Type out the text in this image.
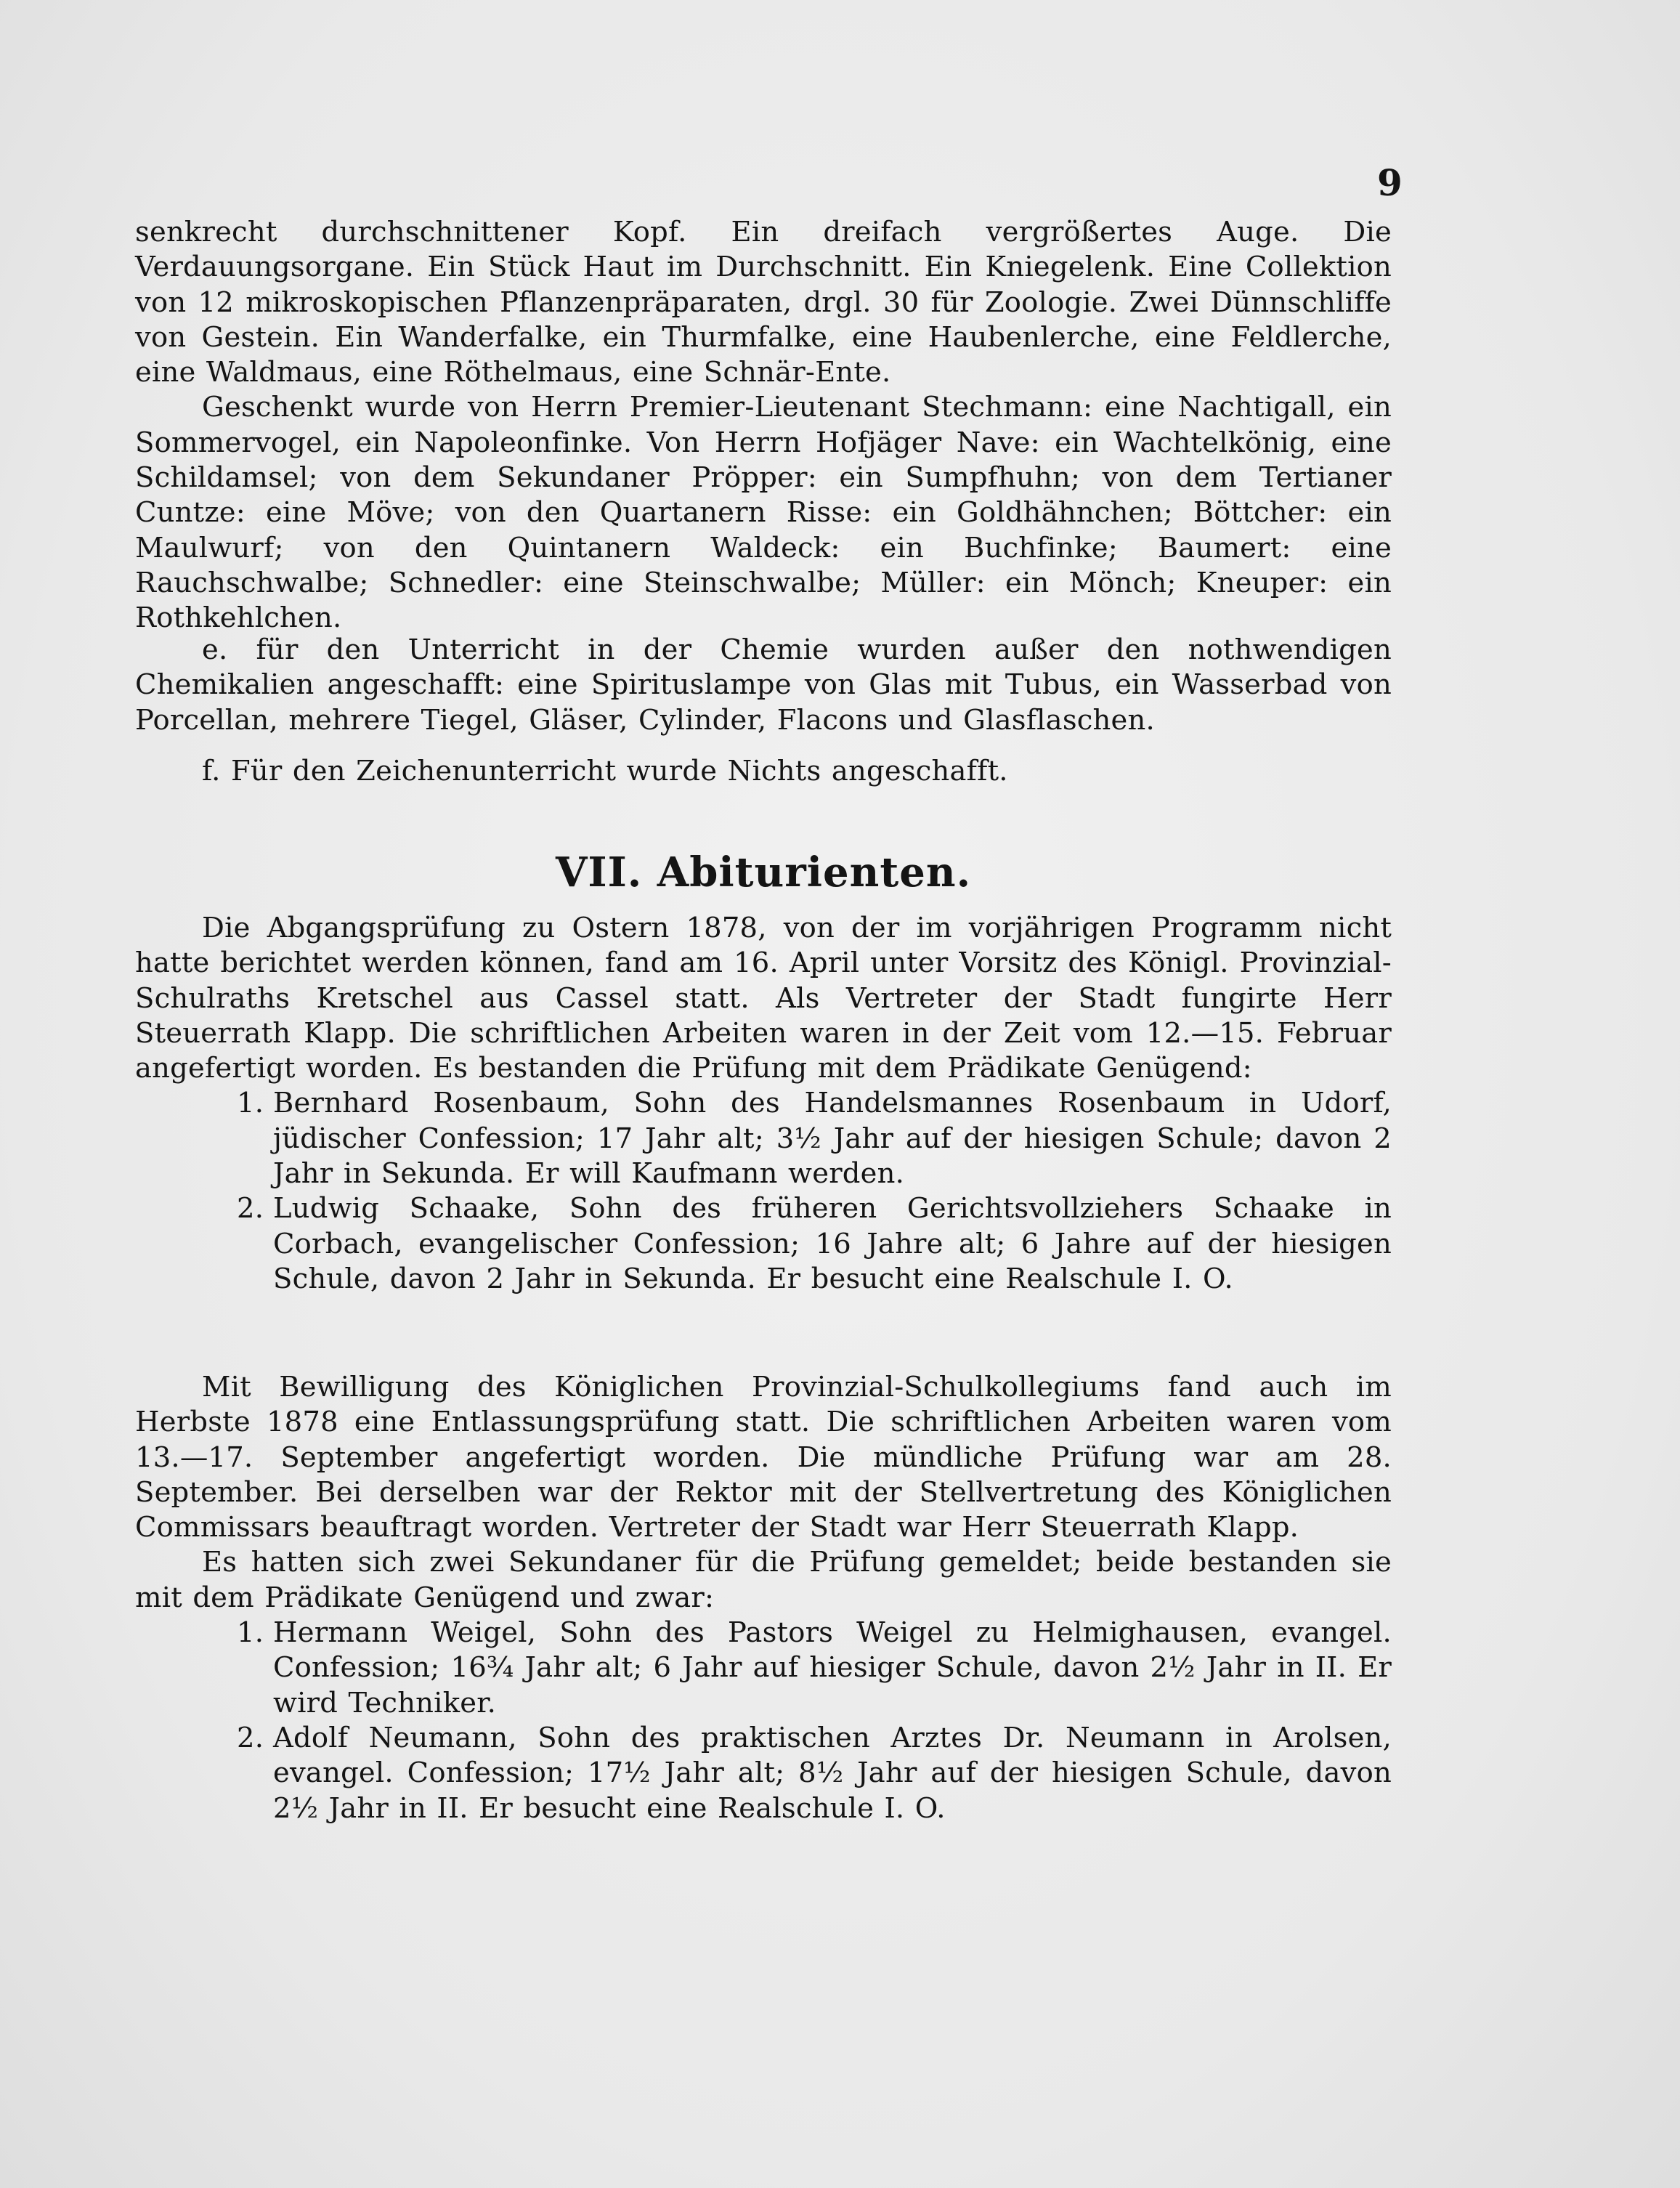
9

senkrecht durchschnittener Kopf. Ein dreifach vergrößertes Auge. Die Verdauungsorgane. Ein Stück Haut im Durchschnitt. Ein Kniegelenk. Eine Collektion von 12 mikroskopischen Pflanzenpräparaten, drgl. 30 für Zoologie. Zwei Dünnschliffe von Gestein. Ein Wanderfalke, ein Thurmfalke, eine Haubenlerche, eine Feldlerche, eine Waldmaus, eine Röthelmaus, eine Schnär-Ente.

Geschenkt wurde von Herrn Premier-Lieutenant Stechmann: eine Nachtigall, ein Sommervogel, ein Napoleonfinke. Von Herrn Hofjäger Nave: ein Wachtelkönig, eine Schildamsel; von dem Sekundaner Pröpper: ein Sumpfhuhn; von dem Tertianer Cuntze: eine Möve; von den Quartanern Risse: ein Goldhähnchen; Böttcher: ein Maulwurf; von den Quintanern Waldeck: ein Buchfinke; Baumert: eine Rauchschwalbe; Schnedler: eine Steinschwalbe; Müller: ein Mönch; Kneuper: ein Rothkehlchen.

e. für den Unterricht in der Chemie wurden außer den nothwendigen Chemikalien angeschafft: eine Spirituslampe von Glas mit Tubus, ein Wasserbad von Porcellan, mehrere Tiegel, Gläser, Cylinder, Flacons und Glasflaschen.

f. Für den Zeichenunterricht wurde Nichts angeschafft.

VII. Abiturienten.

Die Abgangsprüfung zu Ostern 1878, von der im vorjährigen Programm nicht hatte berichtet werden können, fand am 16. April unter Vorsitz des Königl. Provinzial-Schulraths Kretschel aus Cassel statt. Als Vertreter der Stadt fungirte Herr Steuerrath Klapp. Die schriftlichen Arbeiten waren in der Zeit vom 12.—15. Februar angefertigt worden. Es bestanden die Prüfung mit dem Prädikate Genügend:

1. Bernhard Rosenbaum, Sohn des Handelsmannes Rosenbaum in Udorf, jüdischer Confession; 17 Jahr alt; 3½ Jahr auf der hiesigen Schule; davon 2 Jahr in Sekunda. Er will Kaufmann werden.

2. Ludwig Schaake, Sohn des früheren Gerichtsvollziehers Schaake in Corbach, evangelischer Confession; 16 Jahre alt; 6 Jahre auf der hiesigen Schule, davon 2 Jahr in Sekunda. Er besucht eine Realschule I. O.

Mit Bewilligung des Königlichen Provinzial-Schulkollegiums fand auch im Herbste 1878 eine Entlassungsprüfung statt. Die schriftlichen Arbeiten waren vom 13.—17. September angefertigt worden. Die mündliche Prüfung war am 28. September. Bei derselben war der Rektor mit der Stellvertretung des Königlichen Commissars beauftragt worden. Vertreter der Stadt war Herr Steuerrath Klapp.

Es hatten sich zwei Sekundaner für die Prüfung gemeldet; beide bestanden sie mit dem Prädikate Genügend und zwar:

1. Hermann Weigel, Sohn des Pastors Weigel zu Helmighausen, evangel. Confession; 16¾ Jahr alt; 6 Jahr auf hiesiger Schule, davon 2½ Jahr in II. Er wird Techniker.

2. Adolf Neumann, Sohn des praktischen Arztes Dr. Neumann in Arolsen, evangel. Confession; 17½ Jahr alt; 8½ Jahr auf der hiesigen Schule, davon 2½ Jahr in II. Er besucht eine Realschule I. O.
